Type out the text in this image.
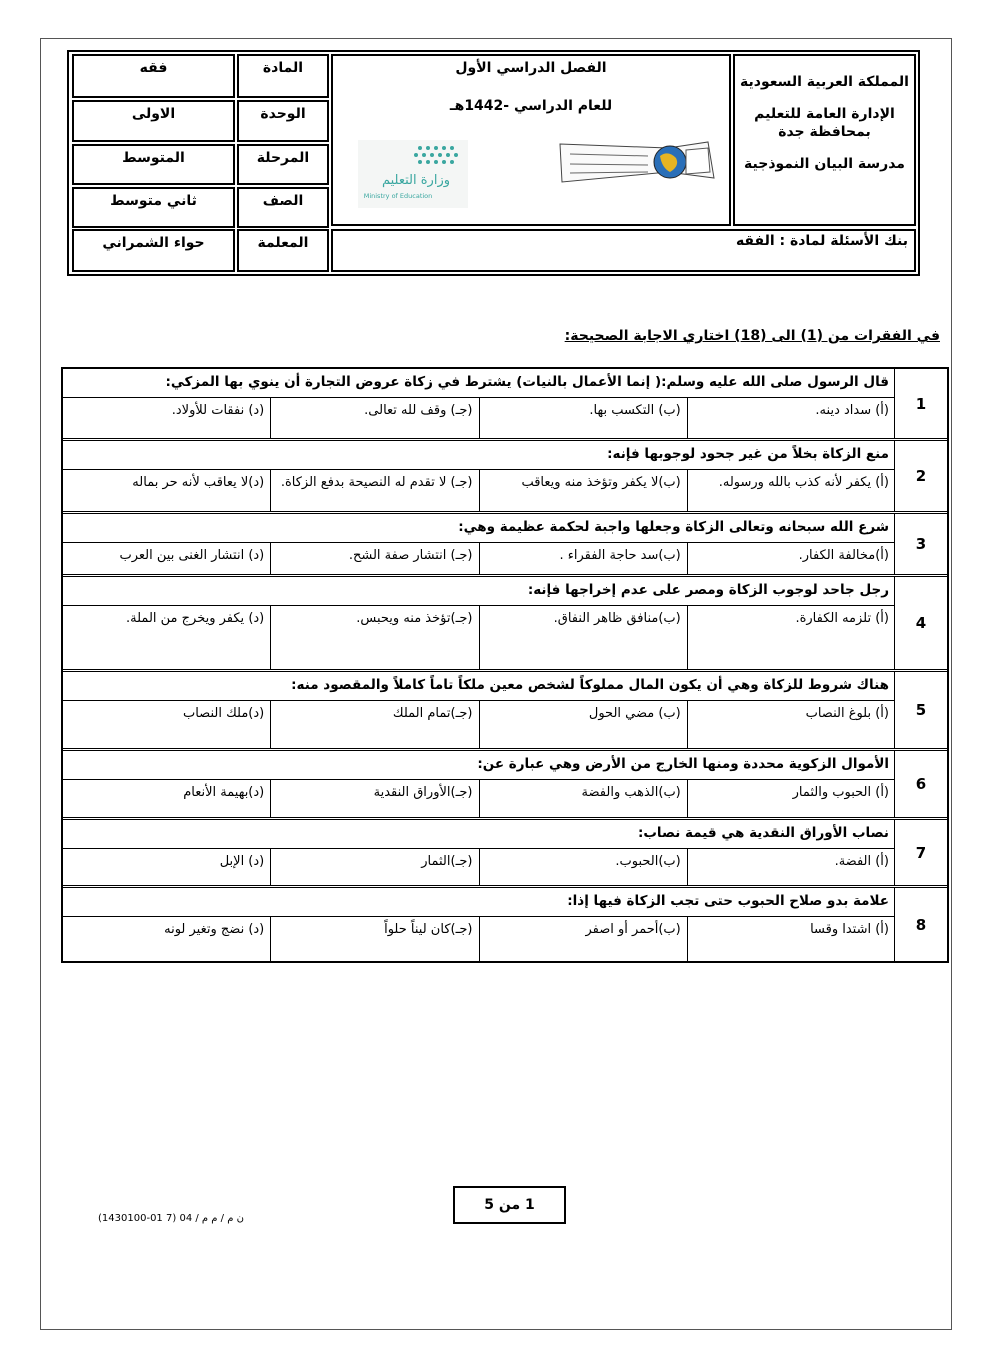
فقه	المادة
الاولى	الوحدة
المتوسط	المرحلة
ثاني متوسط	الصف
حواء الشمراني	المعلمة
الفصل الدراسي الأول
للعام الدراسي -1442هـ
وزارة التعليم
Ministry of Education
المملكة العربية السعودية
الإدارة العامة للتعليم
بمحافظة جدة
مدرسة البيان النموذجية
بنك الأسئلة لمادة : الفقه
في الفقرات من (1) الى (18) اختاري الاجابة الصحيحة:
1
قال الرسول صلى الله عليه وسلم:( إنما الأعمال بالنيات) يشترط في زكاة عروض التجارة أن ينوي بها المزكي:
(أ) سداد دينه.
(ب) التكسب بها.
(جـ) وقف لله تعالى.
(د) نفقات للأولاد.
2
منع الزكاة بخلاً من غير جحود لوجوبها فإنه:
(أ) يكفر لأنه كذب بالله ورسوله.
(ب)لا يكفر وتؤخذ منه ويعاقب
(جـ) لا تقدم له النصيحة بدفع الزكاة.
(د)لا يعاقب لأنه حر بماله
3
شرع الله سبحانه وتعالى الزكاة وجعلها واجبة لحكمة عظيمة وهي:
(أ)مخالفة الكفار.
(ب)سد حاجة الفقراء .
(جـ) انتشار صفة الشح.
(د) انتشار الغنى بين العرب
4
رجل جاحد لوجوب الزكاة ومصر على عدم إخراجها فإنه:
(أ) تلزمه الكفارة.
(ب)منافق ظاهر النفاق.
(جـ)تؤخذ منه ويحبس.
(د) يكفر ويخرج من الملة.
5
هناك شروط للزكاة وهي أن يكون المال مملوكاً لشخص معين ملكاً تاماً كاملاً والمقصود منه:
(أ) بلوغ النصاب
(ب) مضي الحول
(جـ)تمام الملك
(د)ملك النصاب
6
الأموال الزكوية محددة ومنها الخارج من الأرض وهي عبارة عن:
(أ) الحبوب والثمار
(ب)الذهب والفضة
(جـ)الأوراق النقدية
(د)بهيمة الأنعام
7
نصاب الأوراق النقدية هي قيمة نصاب:
(أ) الفضة.
(ب)الحبوب.
(جـ)الثمار
(د) الإبل
8
علامة بدو صلاح الحبوب حتى تجب الزكاة فيها إذا:
(أ) اشتدا وقسا
(ب)أحمر أو اصفر
(جـ)كان ليناً حلواً
(د) نضج وتغير لونه
1 من 5
ن م / م م / 04 (7 01-1430100)
